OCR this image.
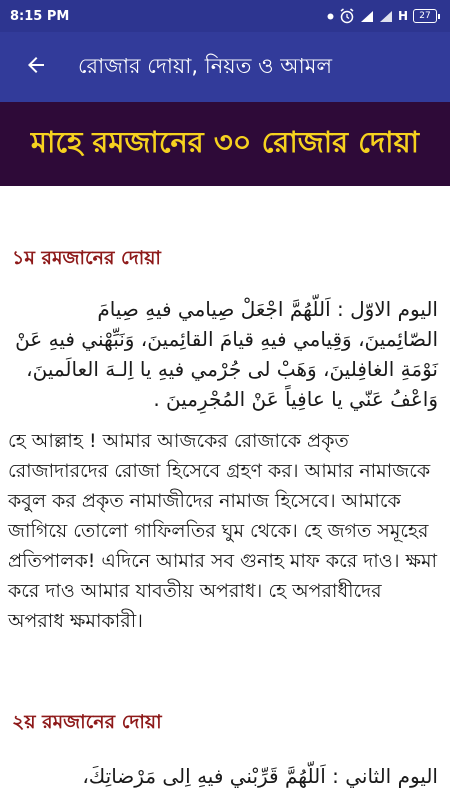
8:15 PM	H	27
রোজার দোয়া, নিয়ত ও আমল
মাহে রমজানের ৩০ রোজার দোয়া
১ম রমজানের দোয়া
اليوم الاوّل : اَللّهُمَّ اجْعَلْ صِيامي فيهِ صِيامَ الصّائِمينَ، وَقِيامي فيهِ قيامَ القائِمينَ، وَنَبِّهْني فيهِ عَنْ نَوْمَةِ الغافِلينَ، وَهَبْ لى جُرْمي فيهِ يا اِلـهَ العالَمينَ، وَاعْفُ عَنّي يا عافِياً عَنْ المُجْرِمينَ .
হে আল্লাহ ! আমার আজকের রোজাকে প্রকৃত রোজাদারদের রোজা হিসেবে গ্রহণ কর। আমার নামাজকে কবুল কর প্রকৃত নামাজীদের নামাজ হিসেবে। আমাকে জাগিয়ে তোলো গাফিলতির ঘুম থেকে। হে জগত সমূহের প্রতিপালক! এদিনে আমার সব গুনাহ মাফ করে দাও। ক্ষমা করে দাও আমার যাবতীয় অপরাধ। হে অপরাধীদের অপরাধ ক্ষমাকারী।
২য় রমজানের দোয়া
اليوم الثاني : اَللّهُمَّ قَرِّبْني فيهِ اِلى مَرْضاتِكَ،
